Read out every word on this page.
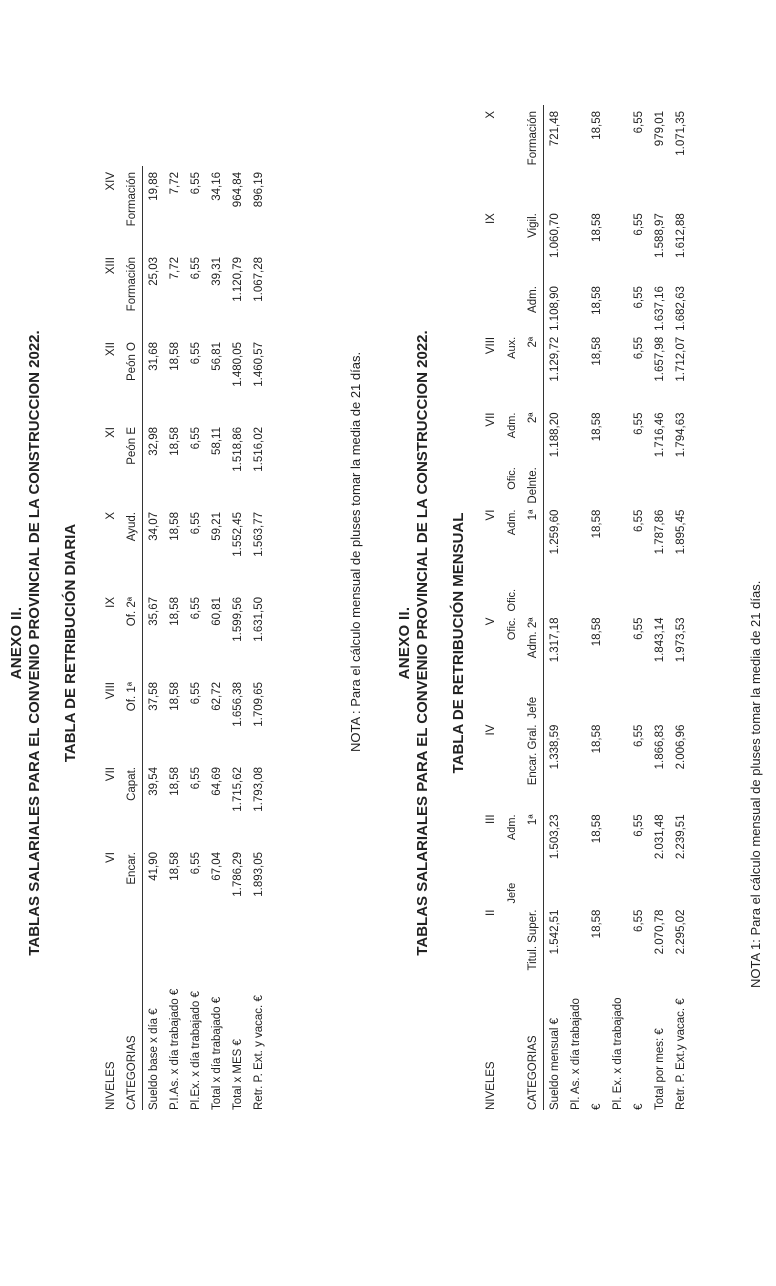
ANEXO II. TABLAS SALARIALES PARA EL CONVENIO PROVINCIAL DE LA CONSTRUCCION 2022. TABLA DE RETRIBUCIÓN DIARIA
NIVELES	VI	VII	VIII	IX	X	XI	XII	XIII	XIV
CATEGORIAS	Encar.	Capat.	Of. 1ª	Of. 2ª	Ayud.	Peón E	Peón O	Formación	Formación
Sueldo base x día €	41,90	39,54	37,58	35,67	34,07	32,98	31,68	25,03	19,88
P.I.As. x día trabajado €	18,58	18,58	18,58	18,58	18,58	18,58	18,58	7,72	7,72
Pl.Ex. x día trabajado €	6,55	6,55	6,55	6,55	6,55	6,55	6,55	6,55	6,55
Total x día trabajado €	67,04	64,69	62,72	60,81	59,21	58,11	56,81	39,31	34,16
Total x MES €	1.786,29	1.715,62	1.656,38	1.599,56	1.552,45	1.518,86	1.480,05	1.120,79	964,84
Retr. P. Ext. y vacac. €	1.893,05	1.793,08	1.709,65	1.631,50	1.563,77	1.516,02	1.460,57	1.067,28	896,19
NOTA : Para el cálculo mensual de pluses tomar la media de 21 días. ANEXO II. TABLAS SALARIALES PARA EL CONVENIO PROVINCIAL DE LA CONSTRUCCION 2022. TABLA DE RETRIBUCIÓN MENSUAL
NIVELES	II		III	IV		V		VI		VII	VIII		IX	X
		Jefe	Adm.			Ofic.	Ofic.	Adm.	Ofic.	Adm.	Aux.			
CATEGORIAS	Titul. Super.		1ª	Encar. Gral.	Jefe	Adm. 2ª		1ª	Delnte.	2ª	2ª	Adm.	Vigil.	Formación
Sueldo mensual €	1.542,51		1.503,23	1.338,59		1.317,18		1.259,60		1.188,20	1.129,72	1.108,90	1.060,70	721,48
Pl. As. x día trabajado														
€	18,58		18,58	18,58		18,58		18,58		18,58	18,58	18,58	18,58	18,58
Pl. Ex. x día trabajado														
€	6,55		6,55	6,55		6,55		6,55		6,55	6,55	6,55	6,55	6,55
Total por mes: €	2.070,78		2.031,48	1.866,83		1.843,14		1.787,86		1.716,46	1.657,98	1.637,16	1.588,97	979,01
Retr. P. Ext.y vacac. €	2.295,02		2.239,51	2.006,96		1.973,53		1.895,45		1.794,63	1.712,07	1.682,63	1.612,88	1.071,35
NOTA 1: Para el cálculo mensual de pluses tomar la media de 21 días.
